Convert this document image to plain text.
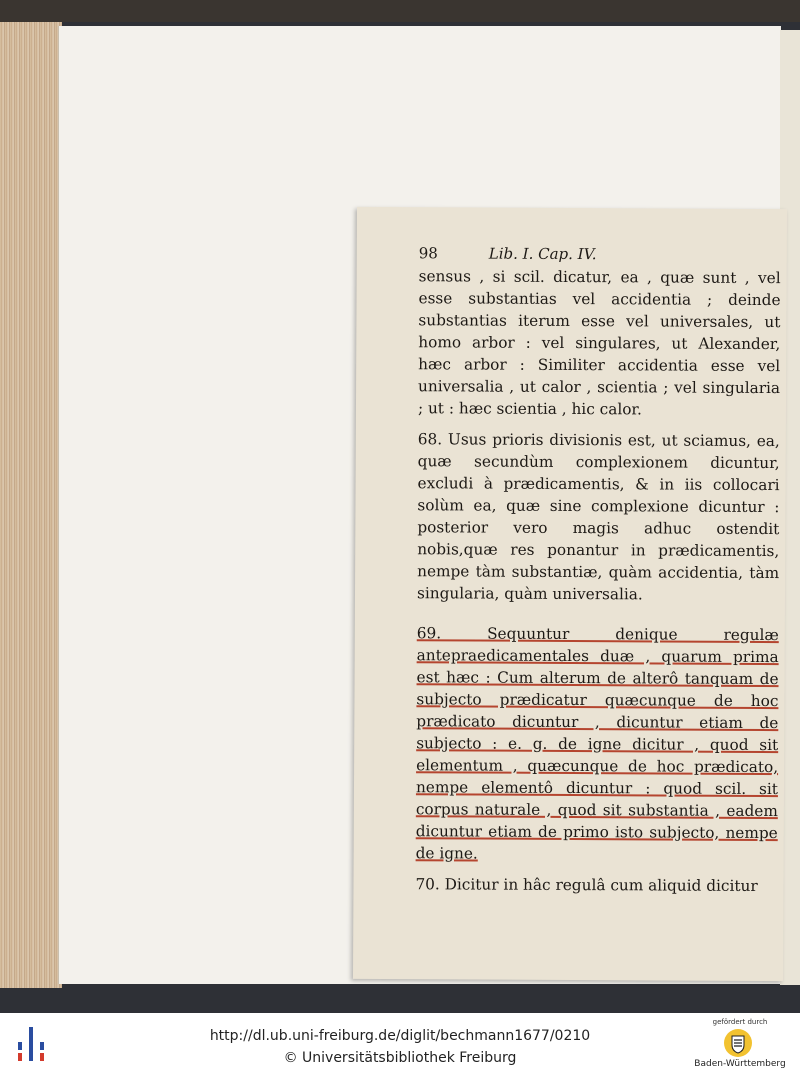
98	Lib. I. Cap. IV.

sensus , si scil. dicatur, ea , quæ sunt , vel esse substantias vel accidentia ; deinde substantias iterum esse vel universales, ut homo arbor : vel singulares, ut Alexander, hæc arbor : Similiter accidentia esse vel universalia , ut calor , scientia ; vel singularia ; ut : hæc scientia , hic calor.

68. Usus prioris divisionis est, ut sciamus, ea, quæ secundùm complexionem dicuntur, excludi à prædicamentis, & in iis collocari solùm ea, quæ sine complexione dicuntur : posterior vero magis adhuc ostendit nobis,quæ res ponantur in prædicamentis, nempe tàm substantiæ, quàm accidentia, tàm singularia, quàm universalia.

69. Sequuntur denique regulæ antepraedicamentales duæ , quarum prima est hæc : Cum alterum de alterô tanquam de subjecto prædicatur quæcunque de hoc prædicato dicuntur , dicuntur etiam de subjecto : e. g. de igne dicitur , quod sit elementum , quæcunque de hoc prædicato, nempe elementô dicuntur : quod scil. sit corpus naturale , quod sit substantia , eadem dicuntur etiam de primo isto subjecto, nempe de igne.

70. Dicitur in hâc regulâ cum aliquid dicitur

http://dl.ub.uni-freiburg.de/diglit/bechmann1677/0210
© Universitätsbibliothek Freiburg
gefördert durch
Baden-Württemberg
